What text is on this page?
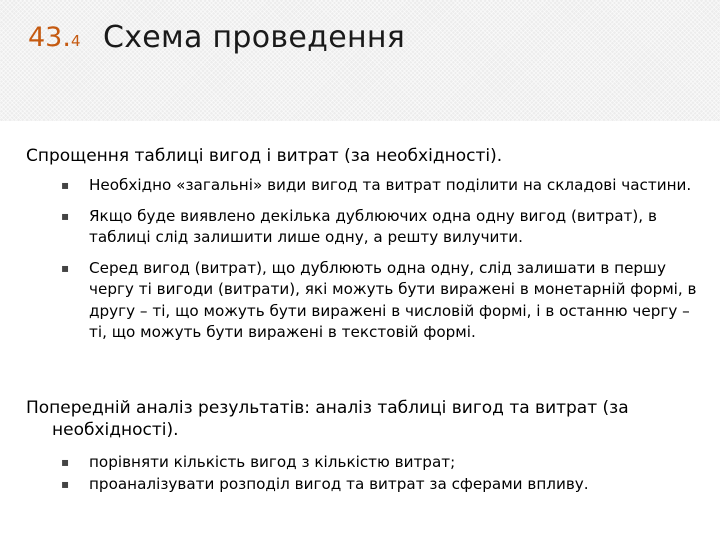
43.4 Схема проведення

Спрощення таблиці вигод і витрат (за необхідності).

▪ Необхідно «загальні» види вигод та витрат поділити на складові частини.
▪ Якщо буде виявлено декілька дублюючих одна одну вигод (витрат), в таблиці слід залишити лише одну, а решту вилучити.
▪ Серед вигод (витрат), що дублюють одна одну, слід залишати в першу чергу ті вигоди (витрати), які можуть бути виражені в монетарній формі, в другу – ті, що можуть бути виражені в числовій формі, і в останню чергу – ті, що можуть бути виражені в текстовій формі.

Попередній аналіз результатів: аналіз таблиці вигод та витрат (за
необхідності).

▪ порівняти кількість вигод з кількістю витрат;
▪ проаналізувати розподіл вигод та витрат за сферами впливу.
